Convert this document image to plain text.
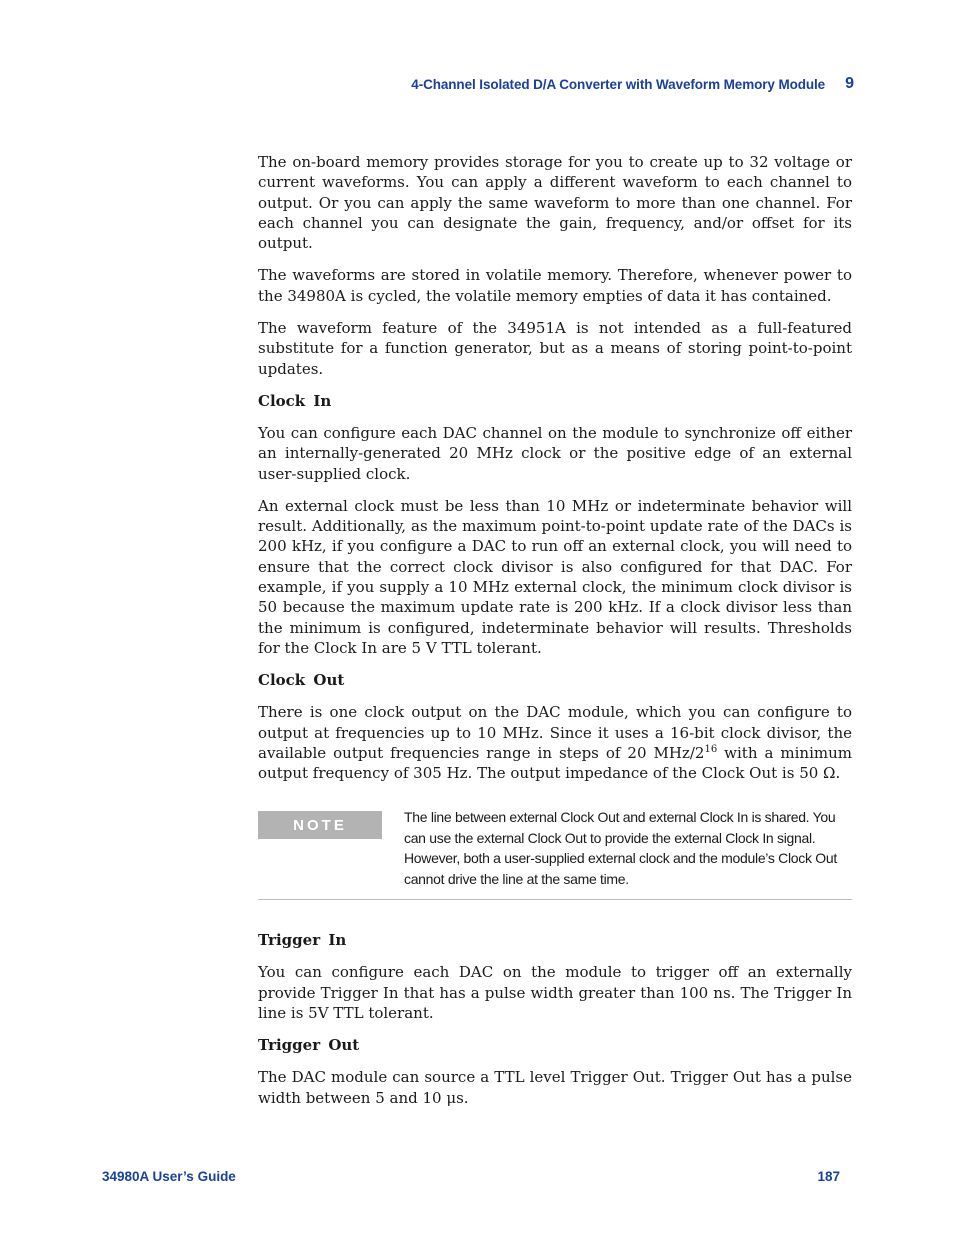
4-Channel Isolated D/A Converter with Waveform Memory Module 9

The on-board memory provides storage for you to create up to 32 voltage or current waveforms. You can apply a different waveform to each channel to output. Or you can apply the same waveform to more than one channel. For each channel you can designate the gain, frequency, and/or offset for its output.

The waveforms are stored in volatile memory. Therefore, whenever power to the 34980A is cycled, the volatile memory empties of data it has contained.

The waveform feature of the 34951A is not intended as a full-featured substitute for a function generator, but as a means of storing point-to-point updates.

Clock In

You can configure each DAC channel on the module to synchronize off either an internally-generated 20 MHz clock or the positive edge of an external user-supplied clock.

An external clock must be less than 10 MHz or indeterminate behavior will result. Additionally, as the maximum point-to-point update rate of the DACs is 200 kHz, if you configure a DAC to run off an external clock, you will need to ensure that the correct clock divisor is also configured for that DAC. For example, if you supply a 10 MHz external clock, the minimum clock divisor is 50 because the maximum update rate is 200 kHz. If a clock divisor less than the minimum is configured, indeterminate behavior will results. Thresholds for the Clock In are 5 V TTL tolerant.

Clock Out

There is one clock output on the DAC module, which you can configure to output at frequencies up to 10 MHz. Since it uses a 16-bit clock divisor, the available output frequencies range in steps of 20 MHz/$2^{16}$ with a minimum output frequency of 305 Hz. The output impedance of the Clock Out is 50 Ω.

NOTE	The line between external Clock Out and external Clock In is shared. You can use the external Clock Out to provide the external Clock In signal. However, both a user-supplied external clock and the module’s Clock Out cannot drive the line at the same time.
Trigger In

You can configure each DAC on the module to trigger off an externally provide Trigger In that has a pulse width greater than 100 ns. The Trigger In line is 5V TTL tolerant.

Trigger Out

The DAC module can source a TTL level Trigger Out. Trigger Out has a pulse width between 5 and 10 μs.

34980A User’s Guide	187
